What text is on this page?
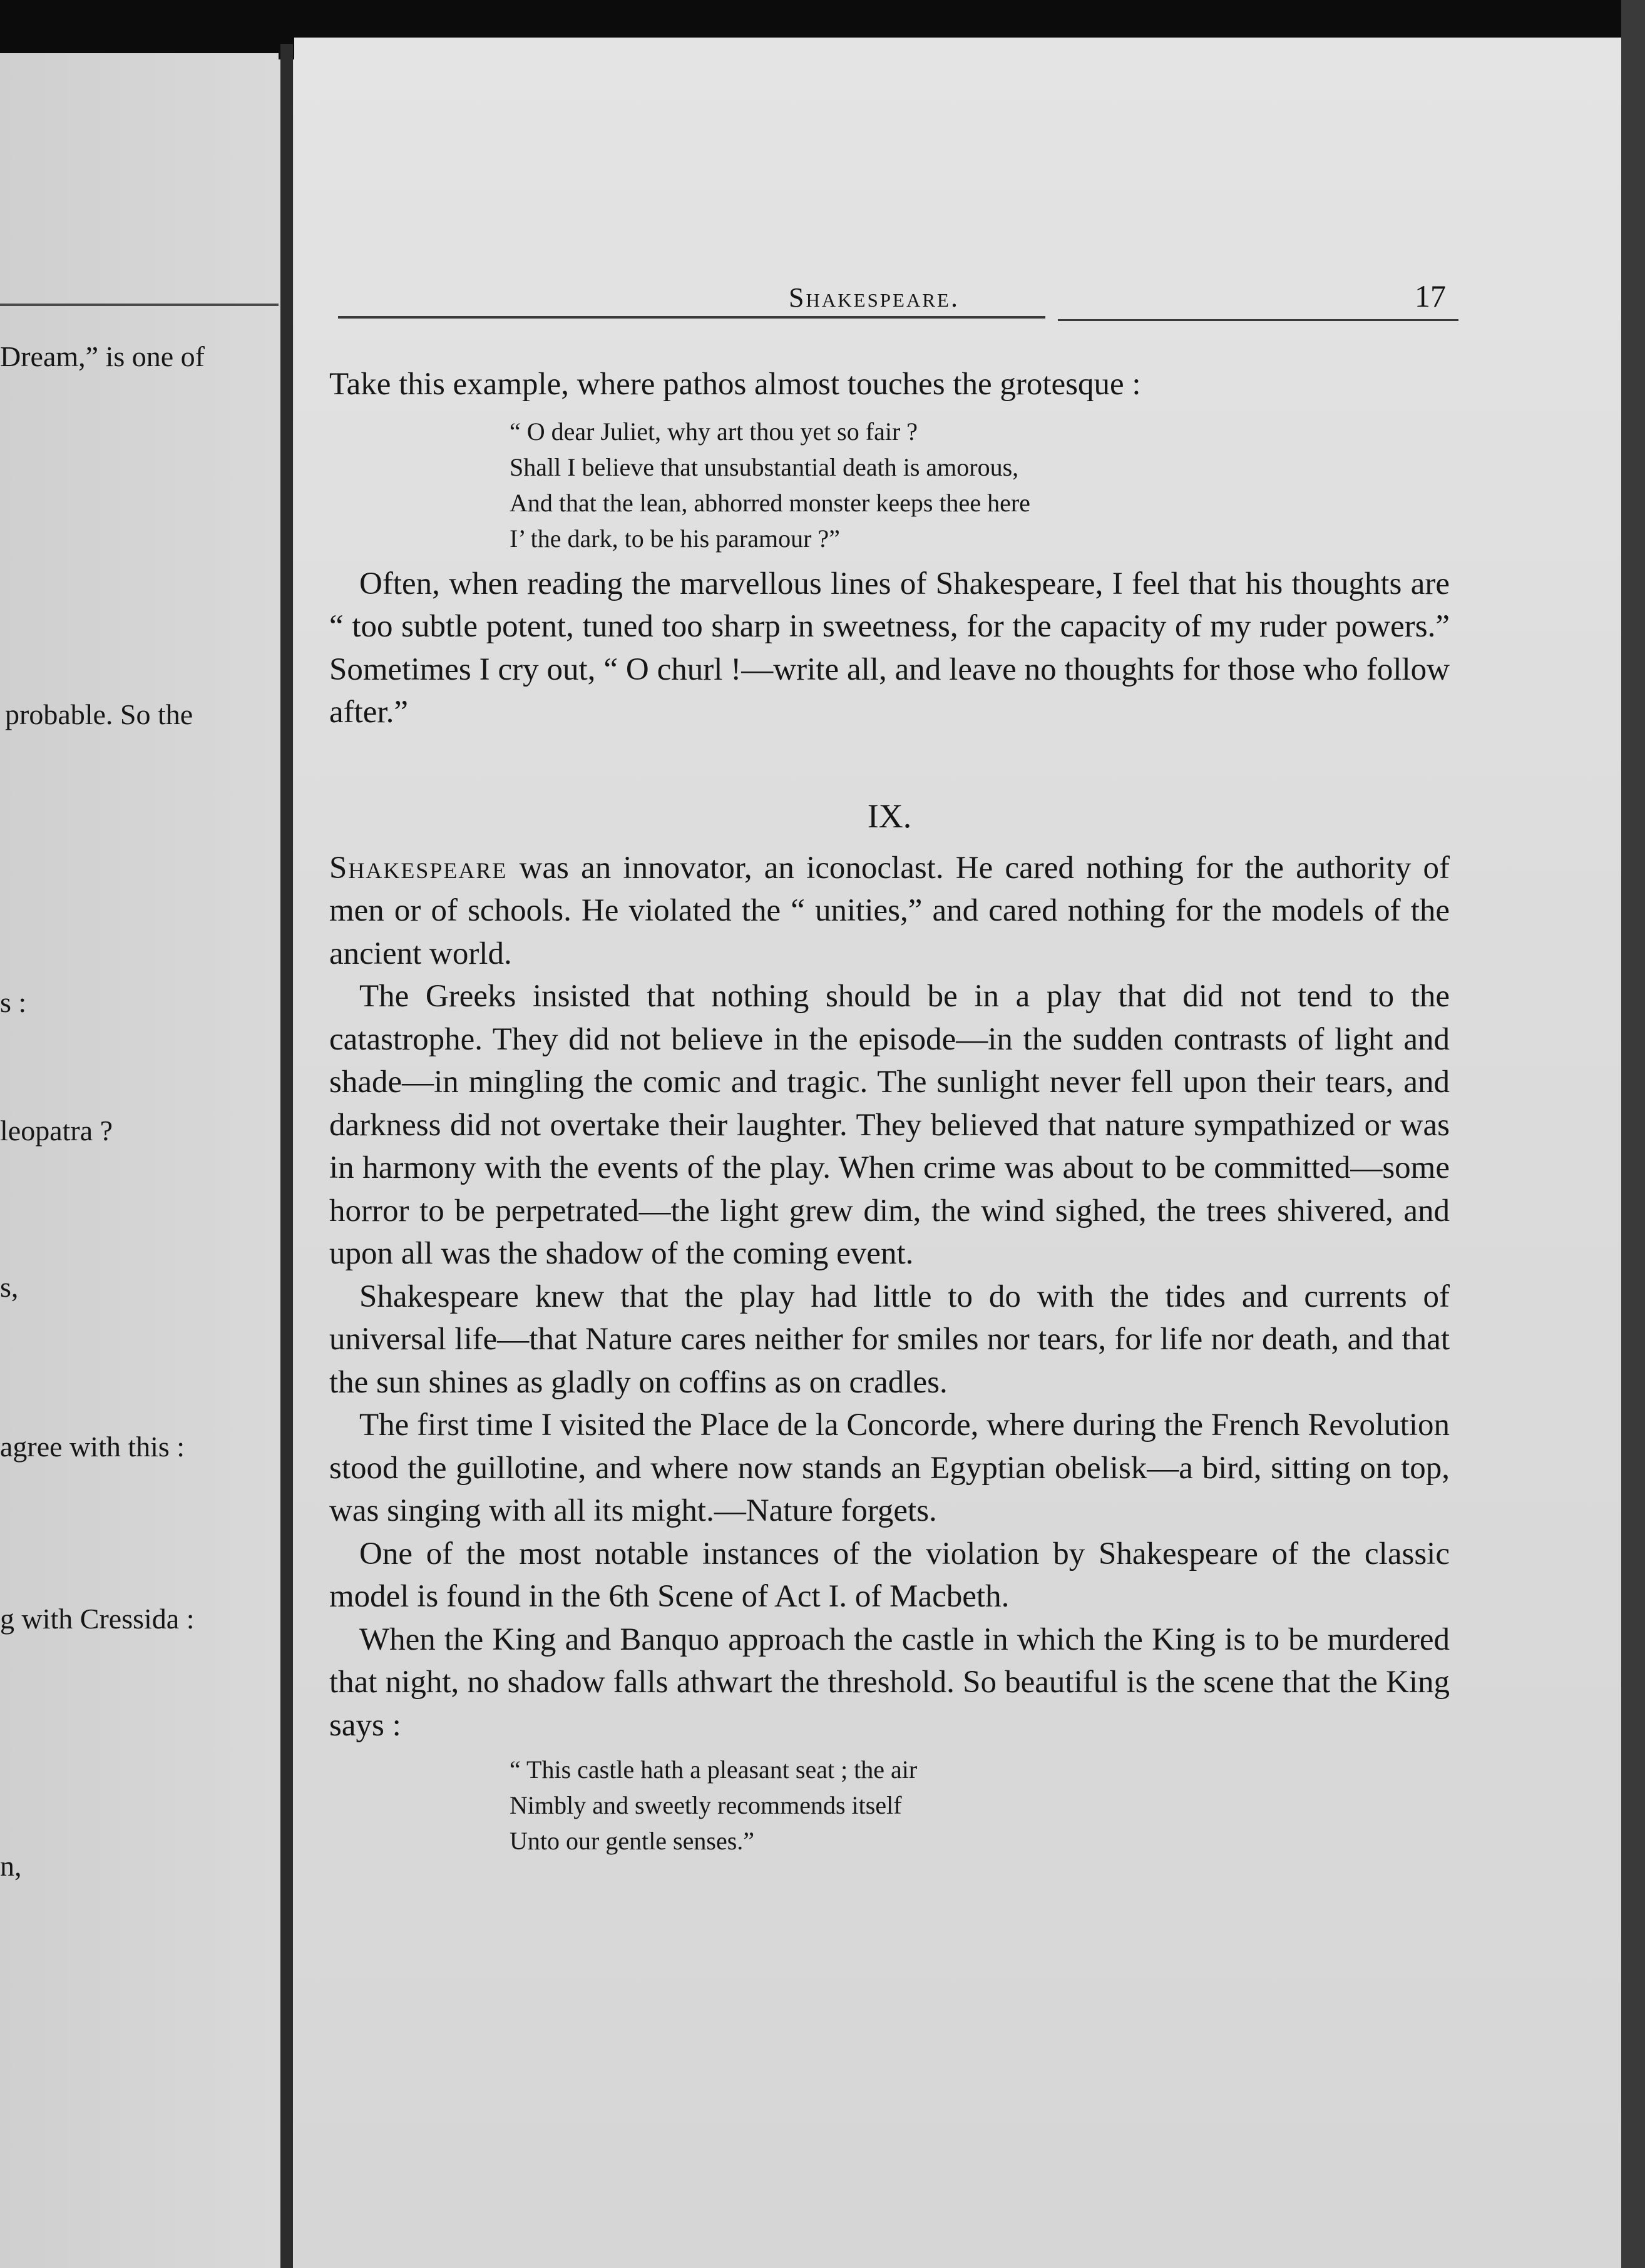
Dream,” is one of
probable. So the
s :
leopatra ?
s,
agree with this :
g with Cressida :
n,
Shakespeare.	17

Take this example, where pathos almost touches the grotesque :

“ O dear Juliet, why art thou yet so fair ?
Shall I believe that unsubstantial death is amorous,
And that the lean, abhorred monster keeps thee here
I’ the dark, to be his paramour ?”

Often, when reading the marvellous lines of Shakespeare, I feel that his thoughts are “ too subtle potent, tuned too sharp in sweetness, for the capacity of my ruder powers.” Sometimes I cry out, “ O churl !—write all, and leave no thoughts for those who follow after.”

IX.

Shakespeare was an innovator, an iconoclast. He cared nothing for the authority of men or of schools. He violated the “ unities,” and cared nothing for the models of the ancient world.

The Greeks insisted that nothing should be in a play that did not tend to the catastrophe. They did not believe in the episode—in the sudden contrasts of light and shade—in mingling the comic and tragic. The sunlight never fell upon their tears, and darkness did not overtake their laughter. They believed that nature sympathized or was in harmony with the events of the play. When crime was about to be committed—some horror to be perpetrated—the light grew dim, the wind sighed, the trees shivered, and upon all was the shadow of the coming event.

Shakespeare knew that the play had little to do with the tides and currents of universal life—that Nature cares neither for smiles nor tears, for life nor death, and that the sun shines as gladly on coffins as on cradles.

The first time I visited the Place de la Concorde, where during the French Revolution stood the guillotine, and where now stands an Egyptian obelisk—a bird, sitting on top, was singing with all its might.—Nature forgets.

One of the most notable instances of the violation by Shakespeare of the classic model is found in the 6th Scene of Act I. of Macbeth.

When the King and Banquo approach the castle in which the King is to be murdered that night, no shadow falls athwart the threshold. So beautiful is the scene that the King says :

“ This castle hath a pleasant seat ; the air
Nimbly and sweetly recommends itself
Unto our gentle senses.”
